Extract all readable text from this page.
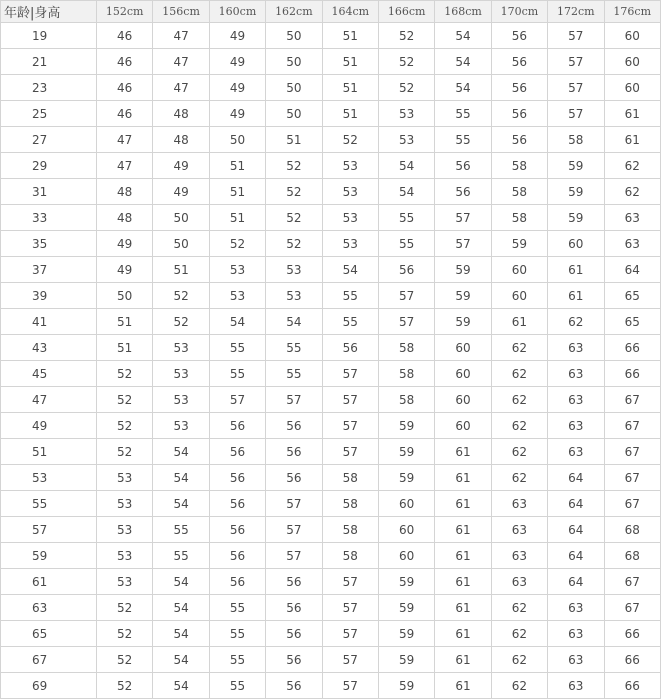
年龄|身高	152cm	156cm	160cm	162cm	164cm	166cm	168cm	170cm	172cm	176cm
19	46	47	49	50	51	52	54	56	57	60
21	46	47	49	50	51	52	54	56	57	60
23	46	47	49	50	51	52	54	56	57	60
25	46	48	49	50	51	53	55	56	57	61
27	47	48	50	51	52	53	55	56	58	61
29	47	49	51	52	53	54	56	58	59	62
31	48	49	51	52	53	54	56	58	59	62
33	48	50	51	52	53	55	57	58	59	63
35	49	50	52	52	53	55	57	59	60	63
37	49	51	53	53	54	56	59	60	61	64
39	50	52	53	53	55	57	59	60	61	65
41	51	52	54	54	55	57	59	61	62	65
43	51	53	55	55	56	58	60	62	63	66
45	52	53	55	55	57	58	60	62	63	66
47	52	53	57	57	57	58	60	62	63	67
49	52	53	56	56	57	59	60	62	63	67
51	52	54	56	56	57	59	61	62	63	67
53	53	54	56	56	58	59	61	62	64	67
55	53	54	56	57	58	60	61	63	64	67
57	53	55	56	57	58	60	61	63	64	68
59	53	55	56	57	58	60	61	63	64	68
61	53	54	56	56	57	59	61	63	64	67
63	52	54	55	56	57	59	61	62	63	67
65	52	54	55	56	57	59	61	62	63	66
67	52	54	55	56	57	59	61	62	63	66
69	52	54	55	56	57	59	61	62	63	66
